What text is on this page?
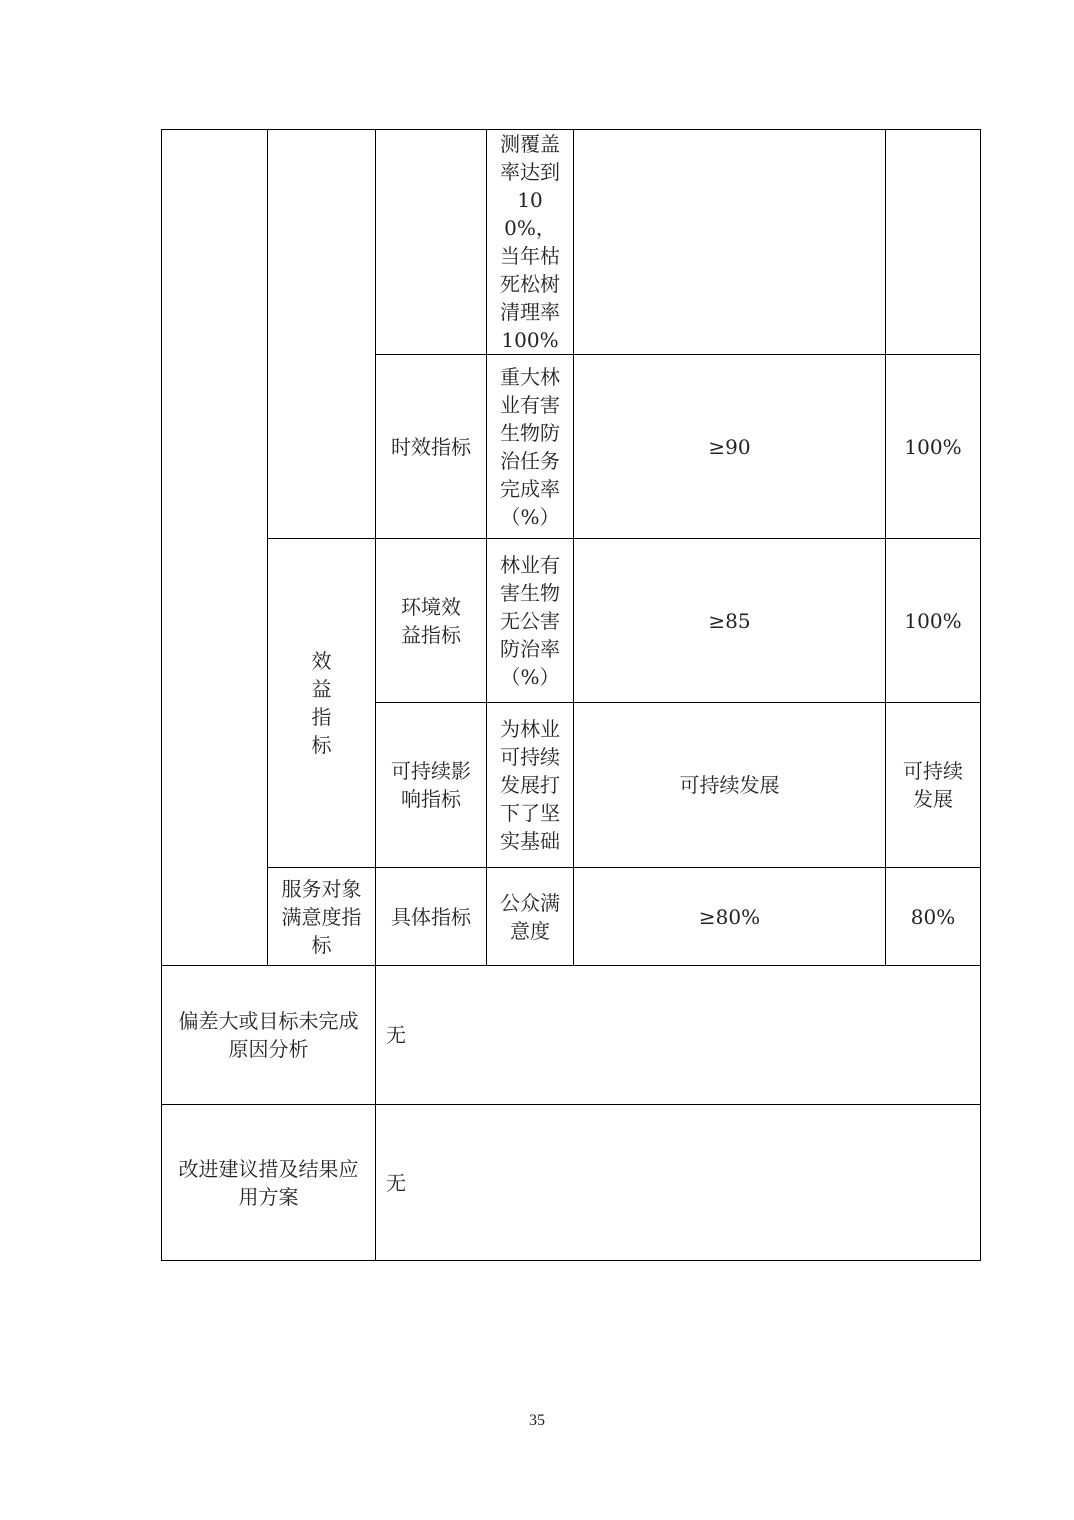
			测覆盖率达到100%，当年枯死松树清理率100%		
		时效指标	重大林业有害生物防治任务完成率（%）	≥90	100%
	效益指标	环境效益指标	林业有害生物无公害防治率（%）	≥85	100%
		可持续影响指标	为林业可持续发展打下了坚实基础	可持续发展	可持续发展
	服务对象满意度指标	具体指标	公众满意度	≥80%	80%

偏差大或目标未完成原因分析		无			
改进建议措及结果应用方案		无			
35
